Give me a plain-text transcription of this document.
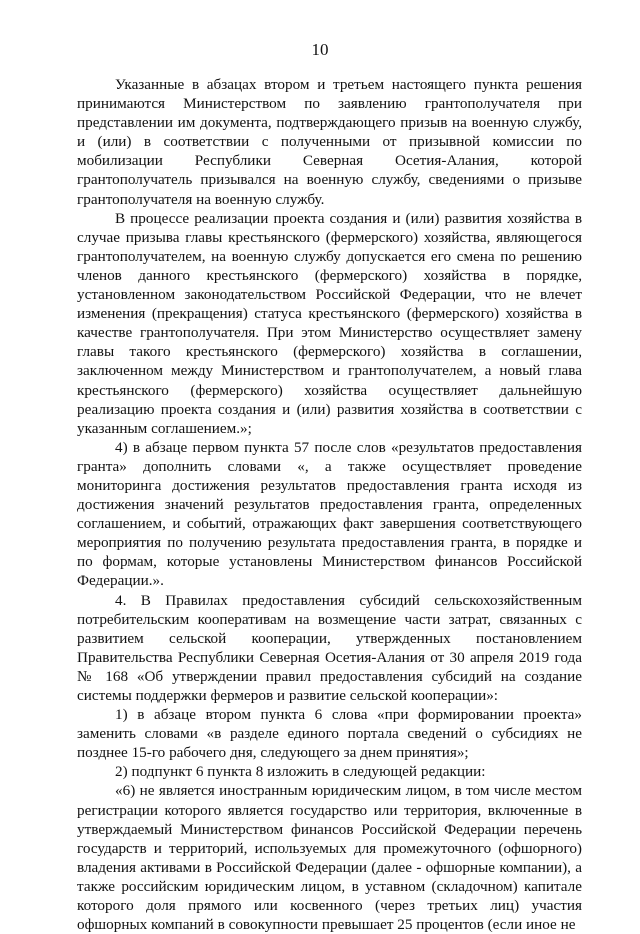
10

Указанные в абзацах втором и третьем настоящего пункта решения принимаются Министерством по заявлению грантополучателя при представлении им документа, подтверждающего призыв на военную службу, и (или) в соответствии с полученными от призывной комиссии по мобилизации Республики Северная Осетия-Алания, которой грантополучатель призывался на военную службу, сведениями о призыве грантополучателя на военную службу.

В процессе реализации проекта создания и (или) развития хозяйства в случае призыва главы крестьянского (фермерского) хозяйства, являющегося грантополучателем, на военную службу допускается его смена по решению членов данного крестьянского (фермерского) хозяйства в порядке, установленном законодательством Российской Федерации, что не влечет изменения (прекращения) статуса крестьянского (фермерского) хозяйства в качестве грантополучателя. При этом Министерство осуществляет замену главы такого крестьянского (фермерского) хозяйства в соглашении, заключенном между Министерством и грантополучателем, а новый глава крестьянского (фермерского) хозяйства осуществляет дальнейшую реализацию проекта создания и (или) развития хозяйства в соответствии с указанным соглашением.»;

4) в абзаце первом пункта 57 после слов «результатов предоставления гранта» дополнить словами «, а также осуществляет проведение мониторинга достижения результатов предоставления гранта исходя из достижения значений результатов предоставления гранта, определенных соглашением, и событий, отражающих факт завершения соответствующего мероприятия по получению результата предоставления гранта, в порядке и по формам, которые установлены Министерством финансов Российской Федерации.».

4. В Правилах предоставления субсидий сельскохозяйственным потребительским кооперативам на возмещение части затрат, связанных с развитием сельской кооперации, утвержденных постановлением Правительства Республики Северная Осетия-Алания от 30 апреля 2019 года № 168 «Об утверждении правил предоставления субсидий на создание системы поддержки фермеров и развитие сельской кооперации»:

1) в абзаце втором пункта 6 слова «при формировании проекта» заменить словами «в разделе единого портала сведений о субсидиях не позднее 15-го рабочего дня, следующего за днем принятия»;

2) подпункт 6 пункта 8 изложить в следующей редакции:

«6) не является иностранным юридическим лицом, в том числе местом регистрации которого является государство или территория, включенные в утверждаемый Министерством финансов Российской Федерации перечень государств и территорий, используемых для промежуточного (офшорного) владения активами в Российской Федерации (далее - офшорные компании), а также российским юридическим лицом, в уставном (складочном) капитале которого доля прямого или косвенного (через третьих лиц) участия офшорных компаний в совокупности превышает 25 процентов (если иное не
